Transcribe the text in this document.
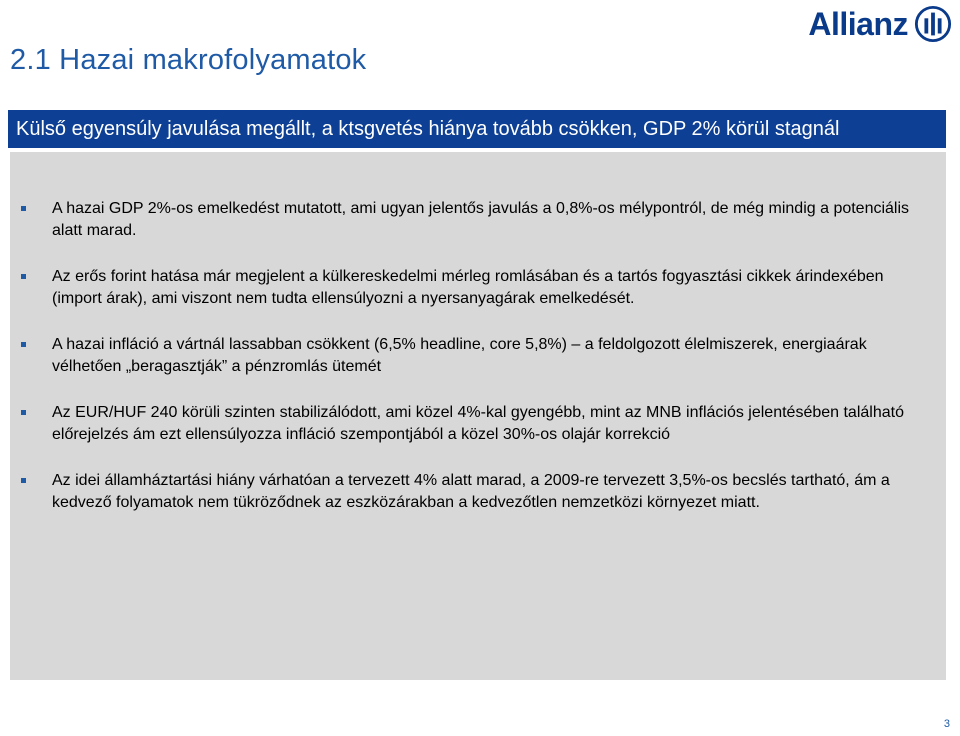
2.1 Hazai makrofolyamatok
Allianz
Külső egyensúly javulása megállt, a ktsgvetés hiánya tovább csökken, GDP 2% körül stagnál
A hazai GDP 2%-os emelkedést mutatott, ami ugyan jelentős javulás a 0,8%-os mélypontról, de még mindig a potenciális alatt marad.
Az erős forint hatása már megjelent a külkereskedelmi mérleg romlásában és a tartós fogyasztási cikkek árindexében (import árak), ami viszont nem tudta ellensúlyozni a nyersanyagárak emelkedését.
A hazai infláció a vártnál lassabban csökkent (6,5% headline, core 5,8%) – a feldolgozott élelmiszerek, energiaárak vélhetően „beragasztják” a pénzromlás ütemét
Az EUR/HUF 240 körüli szinten stabilizálódott, ami közel 4%-kal gyengébb, mint az MNB inflációs jelentésében található előrejelzés ám ezt ellensúlyozza infláció szempontjából a közel 30%-os olajár korrekció
Az idei államháztartási hiány várhatóan a tervezett 4% alatt marad, a 2009-re tervezett 3,5%-os becslés tartható, ám a kedvező folyamatok nem tükröződnek az eszközárakban a kedvezőtlen nemzetközi környezet miatt.
3
